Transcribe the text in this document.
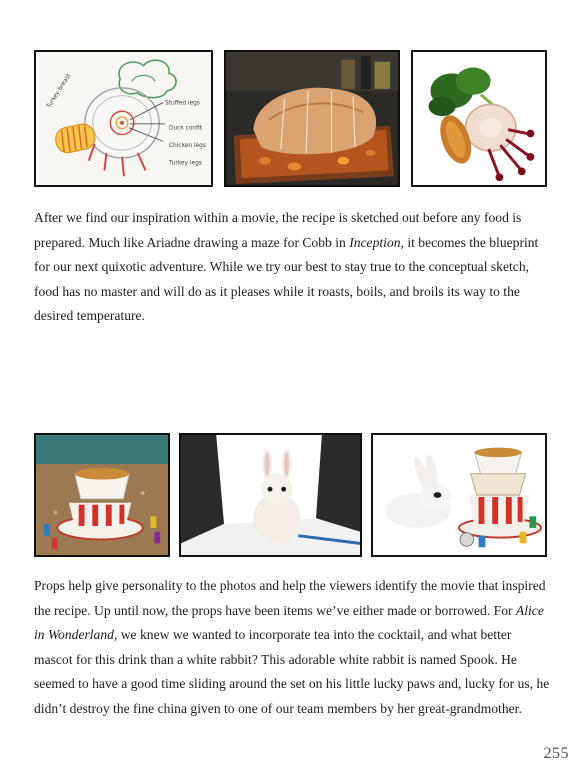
Turkey breast	Stuffed legs
Duck confit
Chicken legs
Turkey legs

After we find our inspiration within a movie, the recipe is sketched out before any food is prepared. Much like Ariadne drawing a maze for Cobb in Inception, it becomes the blueprint for our next quixotic adventure. While we try our best to stay true to the conceptual sketch, food has no master and will do as it pleases while it roasts, boils, and broils its way to the desired temperature.

Props help give personality to the photos and help the viewers identify the movie that inspired the recipe. Up until now, the props have been items we’ve either made or borrowed. For Alice in Wonderland, we knew we wanted to incorporate tea into the cocktail, and what better mascot for this drink than a white rabbit? This adorable white rabbit is named Spook. He seemed to have a good time sliding around the set on his little lucky paws and, lucky for us, he didn’t destroy the fine china given to one of our team members by her great-grandmother.

255
